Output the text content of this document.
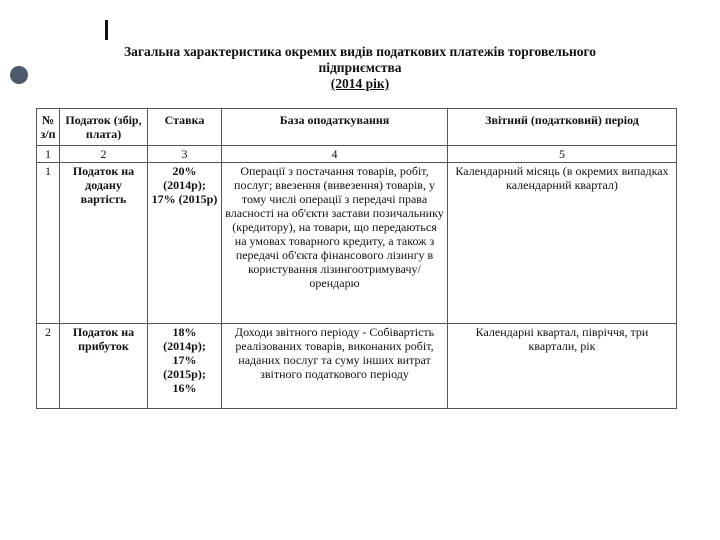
Загальна характеристика окремих видів податкових платежів торговельного
підприємства
(2014 рік)
№ з/п	Податок (збір, плата)	Ставка	База оподаткування	Звітний (податковий) період
1	2	3	4	5
1	Податок на додану вартість	20% (2014р); 17% (2015р)	Операції з постачання товарів, робіт, послуг; ввезення (вивезення) товарів, у тому числі операції з передачі права власності на об'єкти застави позичальнику (кредитору), на товари, що передаються на умовах товарного кредиту, а також з передачі об'єкта фінансового лізингу в користування лізингоотримувачу/орендарю	Календарний місяць (в окремих випадках календарний квартал)
2	Податок на прибуток	18% (2014р); 17% (2015р); 16%	Доходи звітного періоду - Собівартість реалізованих товарів, виконаних робіт, наданих послуг та суму інших витрат звітного податкового періоду	Календарні квартал, півріччя, три квартали, рік
